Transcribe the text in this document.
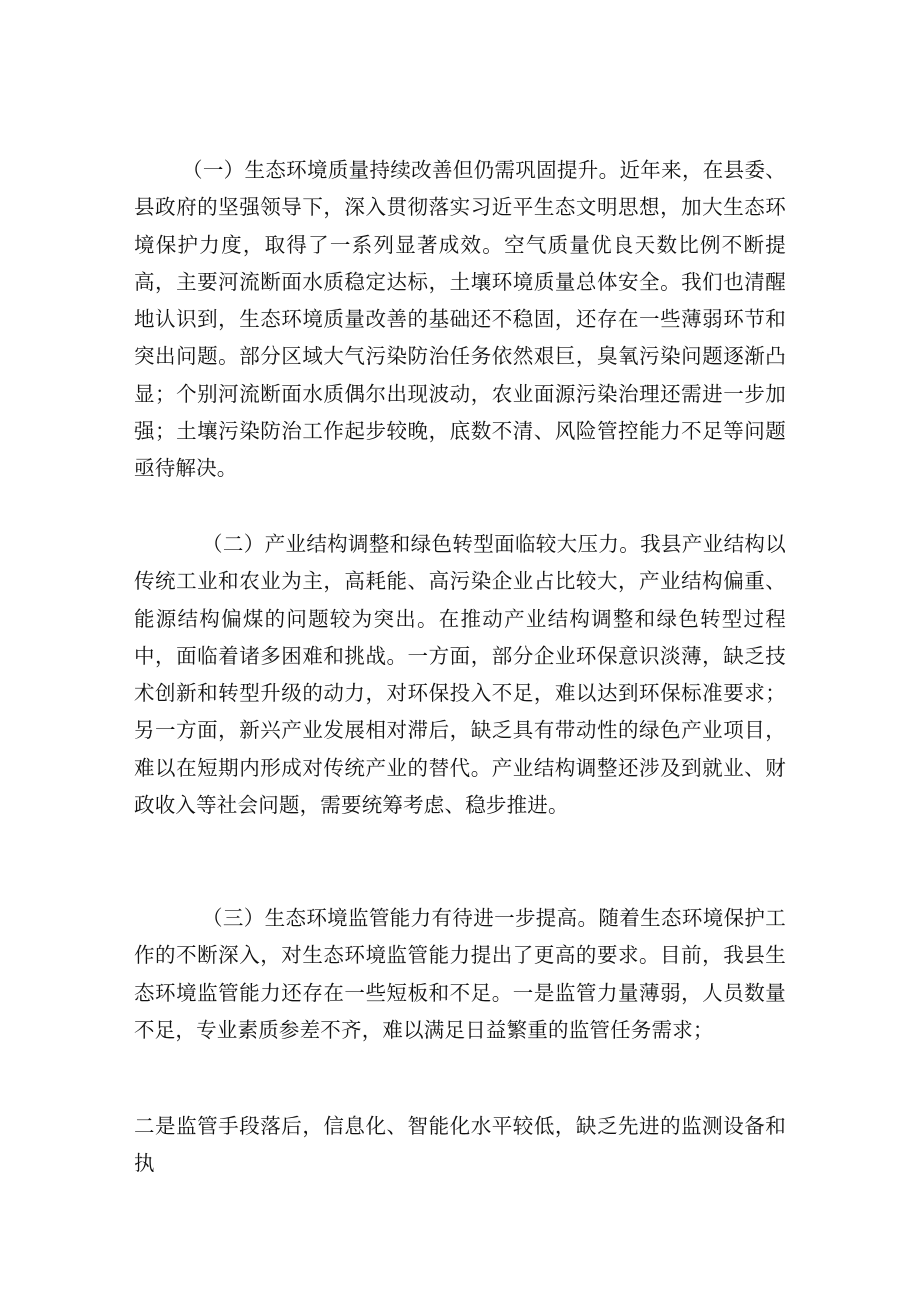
（一）生态环境质量持续改善但仍需巩固提升。近年来，在县委、县政府的坚强领导下，深入贯彻落实习近平生态文明思想，加大生态环境保护力度，取得了一系列显著成效。空气质量优良天数比例不断提高，主要河流断面水质稳定达标，土壤环境质量总体安全。我们也清醒地认识到，生态环境质量改善的基础还不稳固，还存在一些薄弱环节和突出问题。部分区域大气污染防治任务依然艰巨，臭氧污染问题逐渐凸显；个别河流断面水质偶尔出现波动，农业面源污染治理还需进一步加强；土壤污染防治工作起步较晚，底数不清、风险管控能力不足等问题亟待解决。

（二）产业结构调整和绿色转型面临较大压力。我县产业结构以传统工业和农业为主，高耗能、高污染企业占比较大，产业结构偏重、能源结构偏煤的问题较为突出。在推动产业结构调整和绿色转型过程中，面临着诸多困难和挑战。一方面，部分企业环保意识淡薄，缺乏技术创新和转型升级的动力，对环保投入不足，难以达到环保标准要求；另一方面，新兴产业发展相对滞后，缺乏具有带动性的绿色产业项目，难以在短期内形成对传统产业的替代。产业结构调整还涉及到就业、财政收入等社会问题，需要统筹考虑、稳步推进。

（三）生态环境监管能力有待进一步提高。随着生态环境保护工作的不断深入，对生态环境监管能力提出了更高的要求。目前，我县生态环境监管能力还存在一些短板和不足。一是监管力量薄弱，人员数量不足，专业素质参差不齐，难以满足日益繁重的监管任务需求；

二是监管手段落后，信息化、智能化水平较低，缺乏先进的监测设备和执
